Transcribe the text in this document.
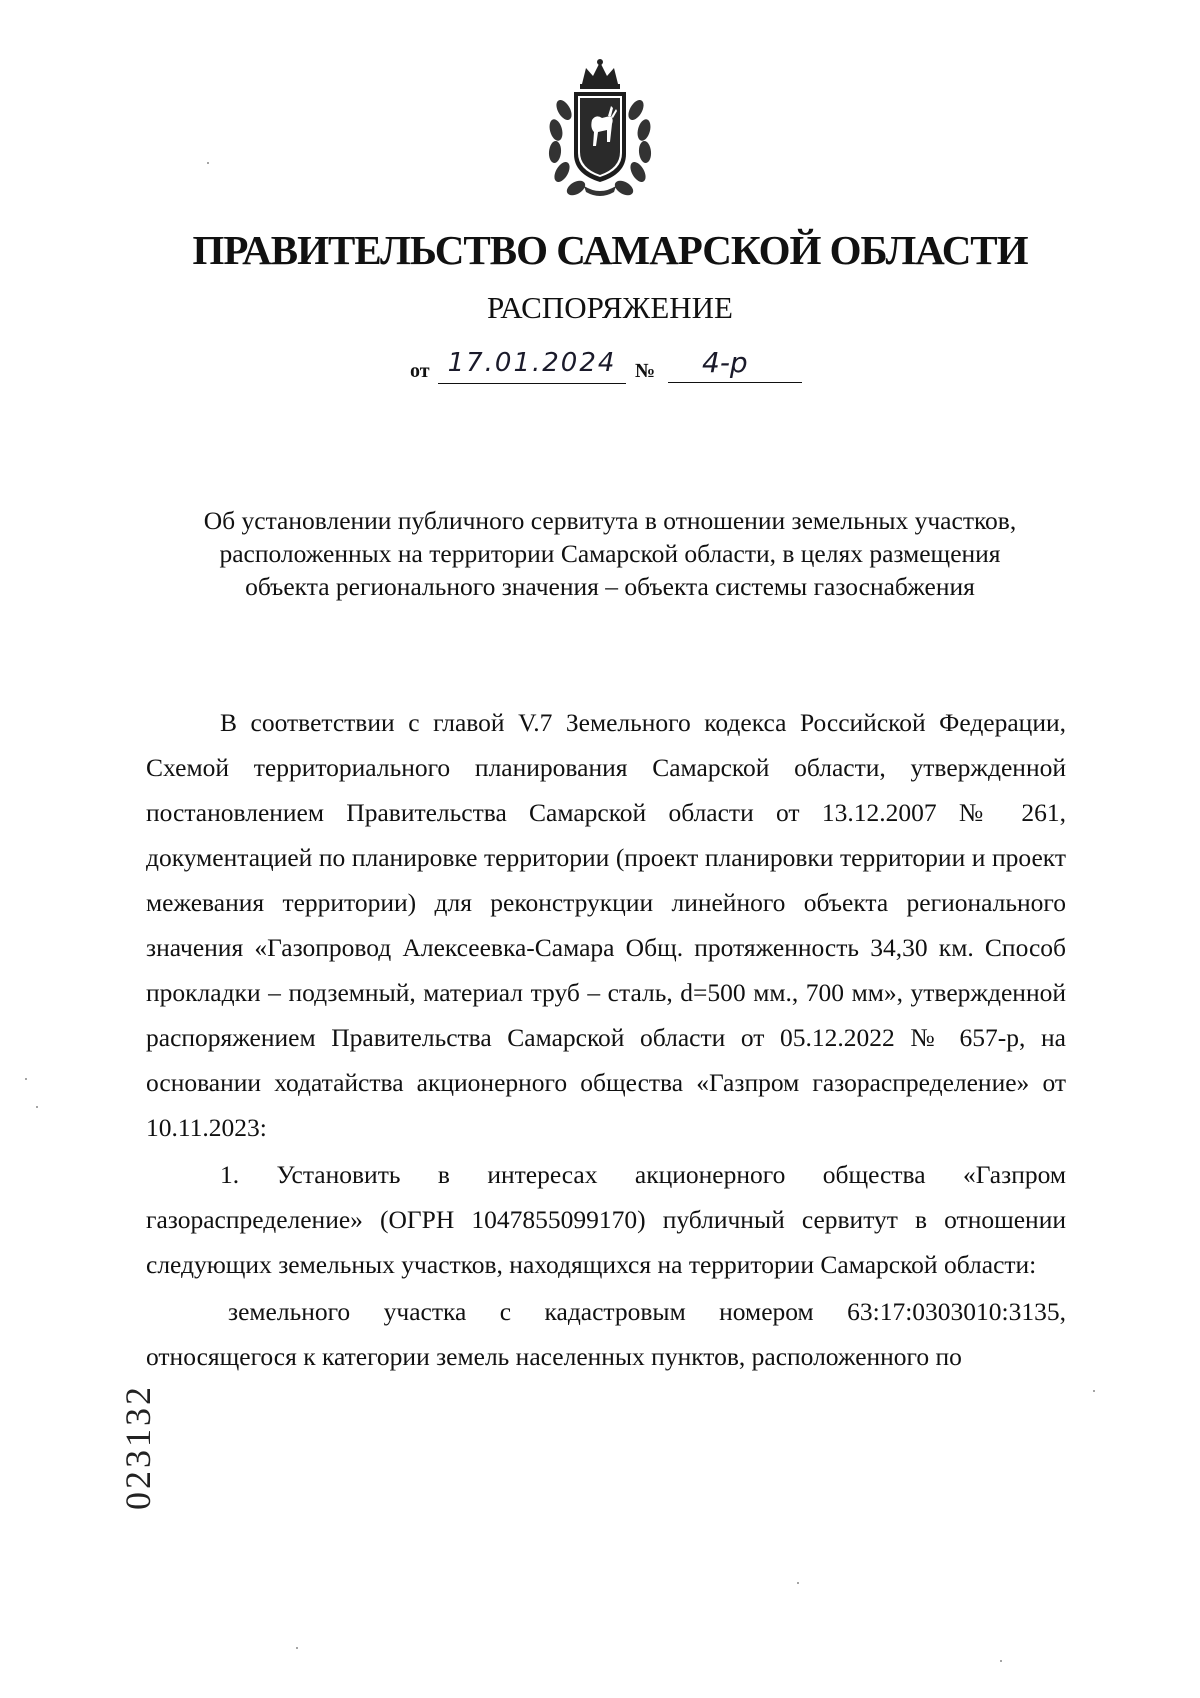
ПРАВИТЕЛЬСТВО САМАРСКОЙ ОБЛАСТИ
РАСПОРЯЖЕНИЕ
от 17.01.2024 №	4-р
Об установлении публичного сервитута в отношении земельных участков,
расположенных на территории Самарской области, в целях размещения
объекта регионального значения – объекта системы газоснабжения

В соответствии с главой V.7 Земельного кодекса Российской Федерации, Схемой территориального планирования Самарской области, утвержденной постановлением Правительства Самарской области от 13.12.2007 № 261, документацией по планировке территории (проект планировки территории и проект межевания территории) для реконструкции линейного объекта регионального значения «Газопровод Алексеевка-Самара Общ. протяженность 34,30 км. Способ прокладки – подземный, материал труб – сталь, d=500 мм., 700 мм», утвержденной распоряжением Правительства Самарской области от 05.12.2022 № 657-р, на основании ходатайства акционерного общества «Газпром газораспределение» от 10.11.2023:

1. Установить в интересах акционерного общества «Газпром газораспределение» (ОГРН 1047855099170) публичный сервитут в отношении следующих земельных участков, находящихся на территории Самарской области:

земельного участка с кадастровым номером 63:17:0303010:3135, относящегося к категории земель населенных пунктов, расположенного по

023132
